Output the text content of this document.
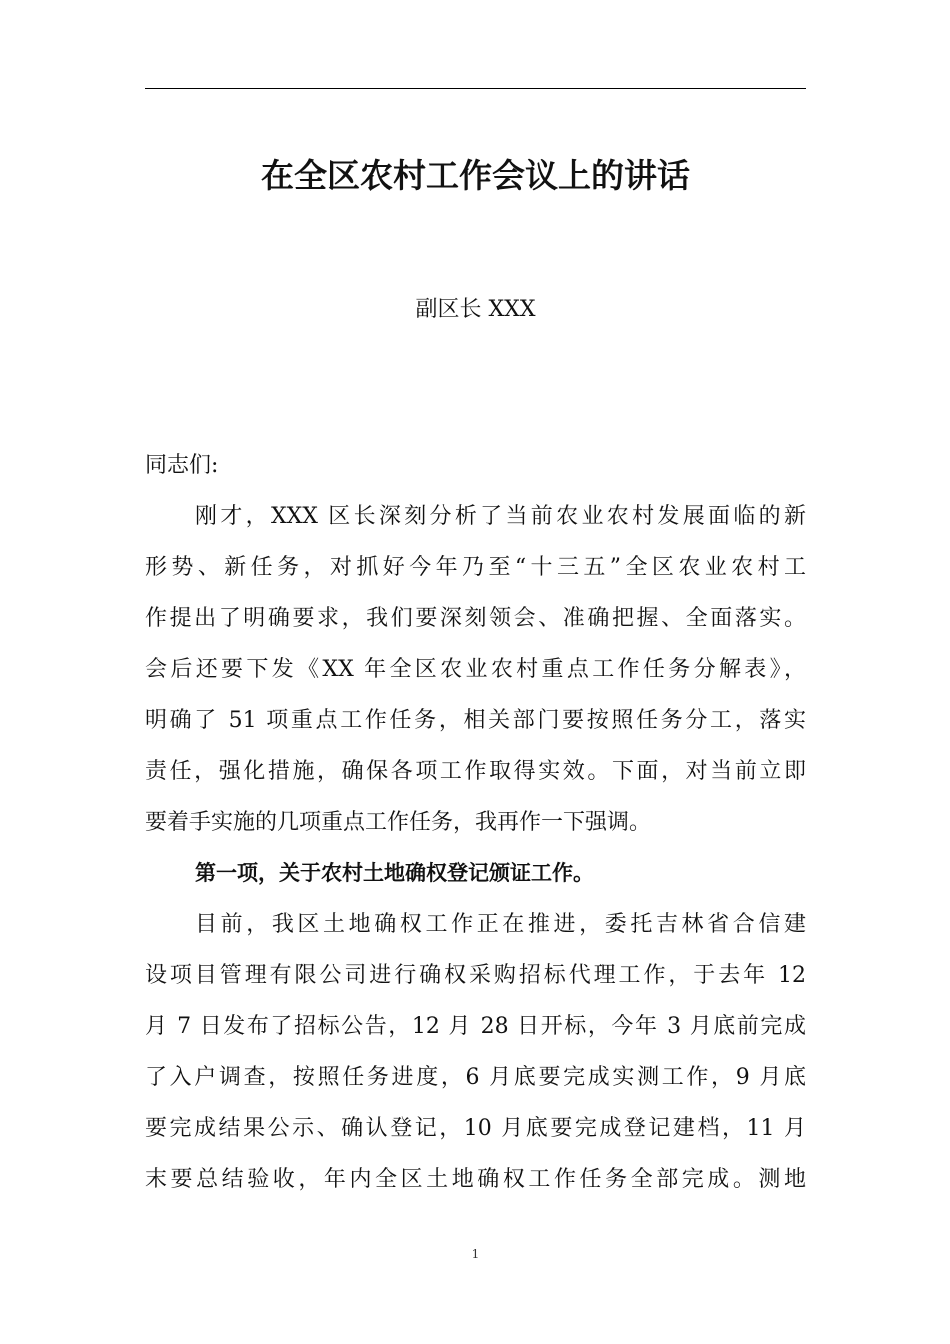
在全区农村工作会议上的讲话
副区长 XXX
同志们:
刚才，XXX 区长深刻分析了当前农业农村发展面临的新
形势、新任务，对抓好今年乃至“十三五”全区农业农村工
作提出了明确要求，我们要深刻领会、准确把握、全面落实。
会后还要下发《XX 年全区农业农村重点工作任务分解表》，
明确了 51 项重点工作任务，相关部门要按照任务分工，落实
责任，强化措施，确保各项工作取得实效。下面，对当前立即
要着手实施的几项重点工作任务，我再作一下强调。
第一项，关于农村土地确权登记颁证工作。
目前，我区土地确权工作正在推进，委托吉林省合信建
设项目管理有限公司进行确权采购招标代理工作，于去年 12
月 7 日发布了招标公告，12 月 28 日开标，今年 3 月底前完成
了入户调查，按照任务进度，6 月底要完成实测工作，9 月底
要完成结果公示、确认登记，10 月底要完成登记建档，11 月
末要总结验收，年内全区土地确权工作任务全部完成。测地
1
